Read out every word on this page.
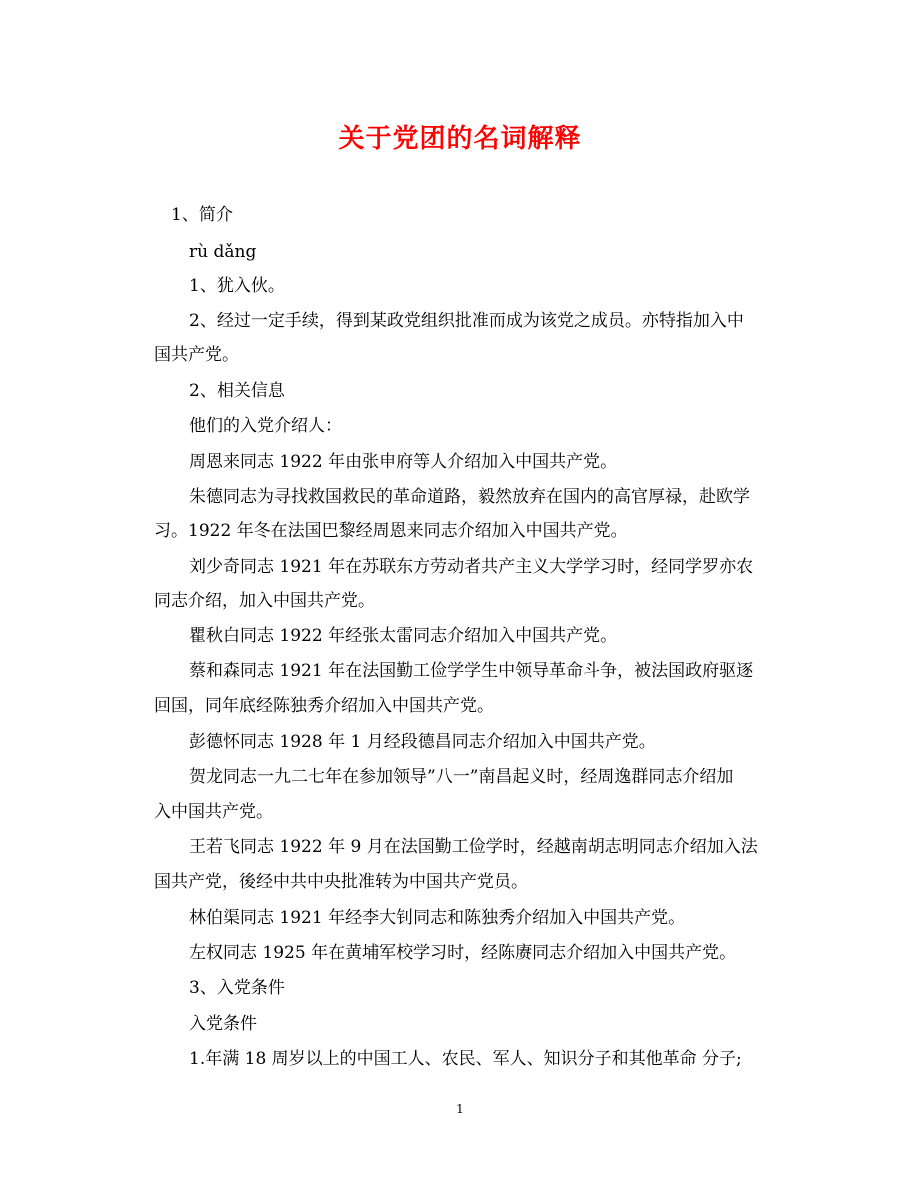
关于党团的名词解释
1、简介
rù dǎng
1、犹入伙。
2、经过一定手续，得到某政党组织批准而成为该党之成员。亦特指加入中
国共产党。
2、相关信息
他们的入党介绍人：
周恩来同志 1922 年由张申府等人介绍加入中国共产党。
朱德同志为寻找救国救民的革命道路，毅然放弃在国内的高官厚禄，赴欧学
习。1922 年冬在法国巴黎经周恩来同志介绍加入中国共产党。
刘少奇同志 1921 年在苏联东方劳动者共产主义大学学习时，经同学罗亦农
同志介绍，加入中国共产党。
瞿秋白同志 1922 年经张太雷同志介绍加入中国共产党。
蔡和森同志 1921 年在法国勤工俭学学生中领导革命斗争，被法国政府驱逐
回国，同年底经陈独秀介绍加入中国共产党。
彭德怀同志 1928 年 1 月经段德昌同志介绍加入中国共产党。
贺龙同志一九二七年在参加领导”八一”南昌起义时，经周逸群同志介绍加
入中国共产党。
王若飞同志 1922 年 9 月在法国勤工俭学时，经越南胡志明同志介绍加入法
国共产党，後经中共中央批准转为中国共产党员。
林伯渠同志 1921 年经李大钊同志和陈独秀介绍加入中国共产党。
左权同志 1925 年在黄埔军校学习时，经陈赓同志介绍加入中国共产党。
3、入党条件
入党条件
1.年满 18 周岁以上的中国工人、农民、军人、知识分子和其他革命 分子;
1
